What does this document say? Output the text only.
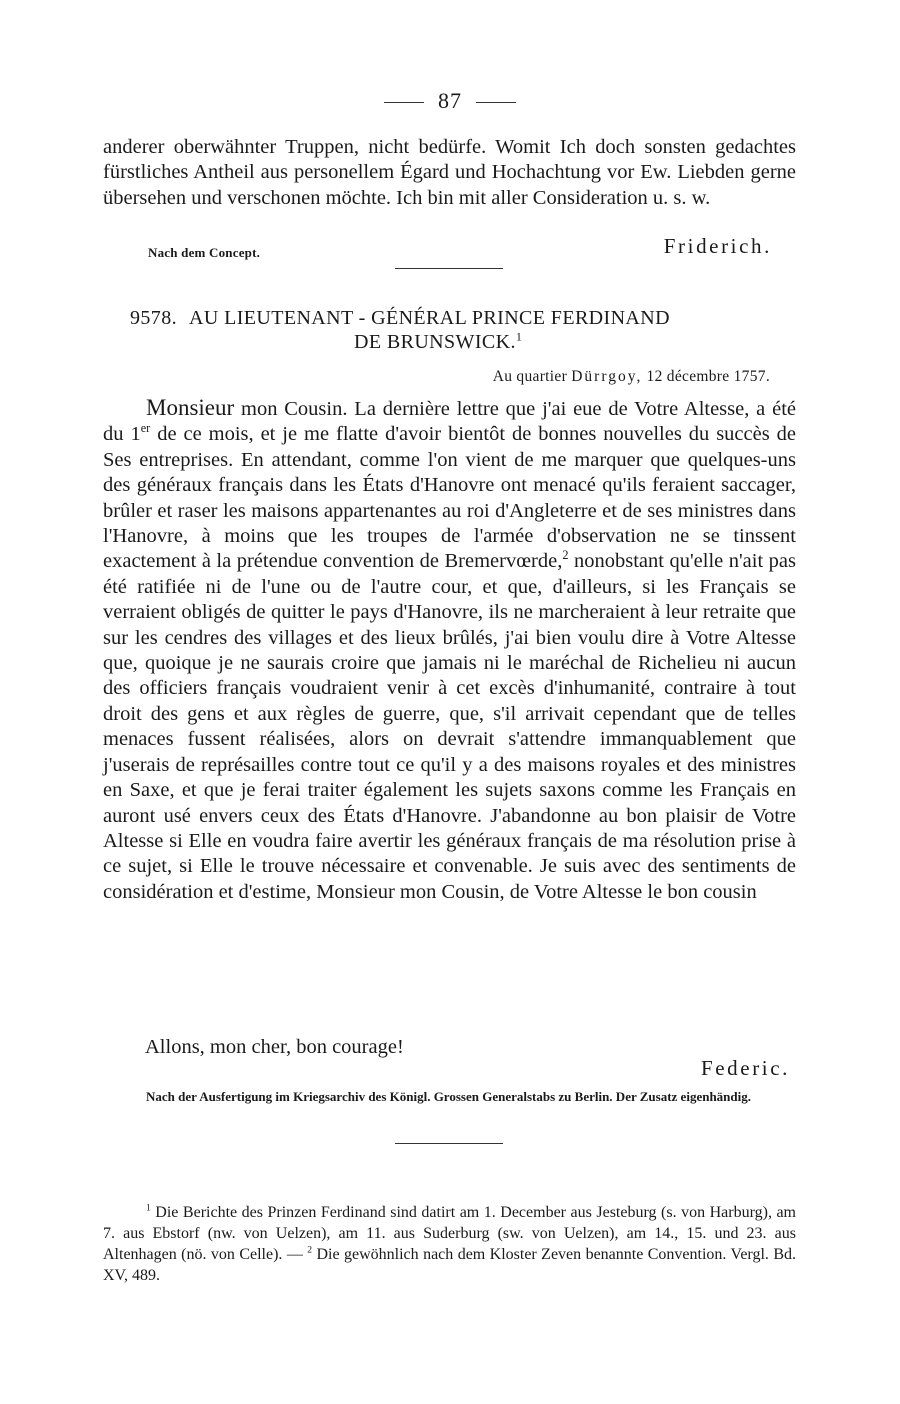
87

anderer oberwähnter Truppen, nicht bedürfe. Womit Ich doch sonsten gedachtes fürstliches Antheil aus personellem Égard und Hochachtung vor Ew. Liebden gerne übersehen und verschonen möchte. Ich bin mit aller Consideration u. s. w.

Nach dem Concept.	Friderich.
9578. AU LIEUTENANT - GÉNÉRAL PRINCE FERDINAND
DE BRUNSWICK.$^1$
Au quartier Dürrgoy, 12 décembre 1757.

Monsieur mon Cousin. La dernière lettre que j'ai eue de Votre Altesse, a été du 1er de ce mois, et je me flatte d'avoir bientôt de bonnes nouvelles du succès de Ses entreprises. En attendant, comme l'on vient de me marquer que quelques-uns des généraux français dans les États d'Hanovre ont menacé qu'ils feraient saccager, brûler et raser les maisons appartenantes au roi d'Angleterre et de ses ministres dans l'Hanovre, à moins que les troupes de l'armée d'observation ne se tinssent exactement à la prétendue convention de Bremervœrde,$^2$ nonobstant qu'elle n'ait pas été ratifiée ni de l'une ou de l'autre cour, et que, d'ailleurs, si les Français se verraient obligés de quitter le pays d'Hanovre, ils ne marcheraient à leur retraite que sur les cendres des villages et des lieux brûlés, j'ai bien voulu dire à Votre Altesse que, quoique je ne saurais croire que jamais ni le maréchal de Richelieu ni aucun des officiers français voudraient venir à cet excès d'inhumanité, contraire à tout droit des gens et aux règles de guerre, que, s'il arrivait cependant que de telles menaces fussent réalisées, alors on devrait s'attendre immanquablement que j'userais de représailles contre tout ce qu'il y a des maisons royales et des ministres en Saxe, et que je ferai traiter également les sujets saxons comme les Français en auront usé envers ceux des États d'Hanovre. J'abandonne au bon plaisir de Votre Altesse si Elle en voudra faire avertir les généraux français de ma résolution prise à ce sujet, si Elle le trouve nécessaire et convenable. Je suis avec des sentiments de considération et d'estime, Monsieur mon Cousin, de Votre Altesse le bon cousin

Allons, mon cher, bon courage!
Federic.
Nach der Ausfertigung im Kriegsarchiv des Königl. Grossen Generalstabs zu Berlin. Der Zusatz eigenhändig.
$^1$ Die Berichte des Prinzen Ferdinand sind datirt am 1. December aus Jesteburg (s. von Harburg), am 7. aus Ebstorf (nw. von Uelzen), am 11. aus Suderburg (sw. von Uelzen), am 14., 15. und 23. aus Altenhagen (nö. von Celle). — $^2$ Die gewöhnlich nach dem Kloster Zeven benannte Convention. Vergl. Bd. XV, 489.
